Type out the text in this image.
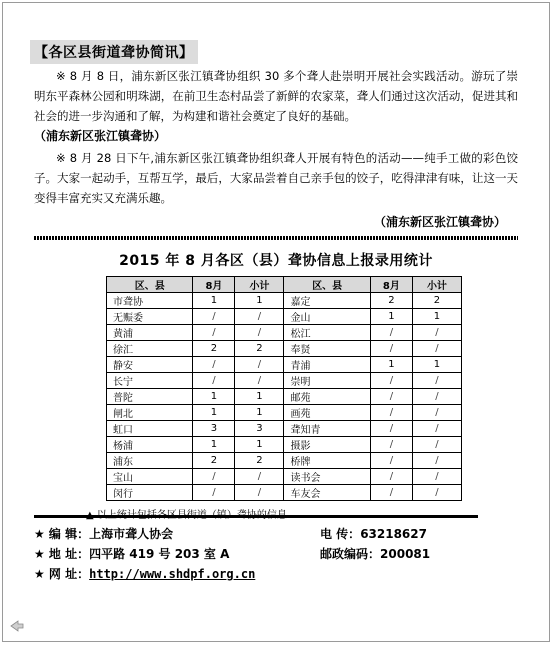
【各区县街道聋协简讯】

※ 8 月 8 日，浦东新区张江镇聋协组织 30 多个聋人赴崇明开展社会实践活动。游玩了崇明东平森林公园和明珠湖，在前卫生态村品尝了新鲜的农家菜，聋人们通过这次活动，促进其和社会的进一步沟通和了解，为构建和谐社会奠定了良好的基础。

（浦东新区张江镇聋协）

※ 8 月 28 日下午,浦东新区张江镇聋协组织聋人开展有特色的活动——纯手工做的彩色饺子。大家一起动手，互帮互学，最后，大家品尝着自己亲手包的饺子，吃得津津有味，让这一天变得丰富充实又充满乐趣。

（浦东新区张江镇聋协）

2015 年 8 月各区（县）聋协信息上报录用统计
区、县	8月	小计	区、县	8月	小计
市聋协	1	1	嘉定	2	2
无赈委	/	/	金山	1	1
黄浦	/	/	松江	/	/
徐汇	2	2	奉贤	/	/
静安	/	/	青浦	1	1
长宁	/	/	崇明	/	/
普陀	1	1	邮苑	/	/
闸北	1	1	画苑	/	/
虹口	3	3	聋知青	/	/
杨浦	1	1	摄影	/	/
浦东	2	2	桥牌	/	/
宝山	/	/	读书会	/	/
闵行	/	/	车友会	/	/
★ 编 辑：上海市聋人协会	电 传：63218627
★ 地 址：四平路 419 号 203 室 A	邮政编码：200081
★ 网 址：http://www.shdpf.org.cn
